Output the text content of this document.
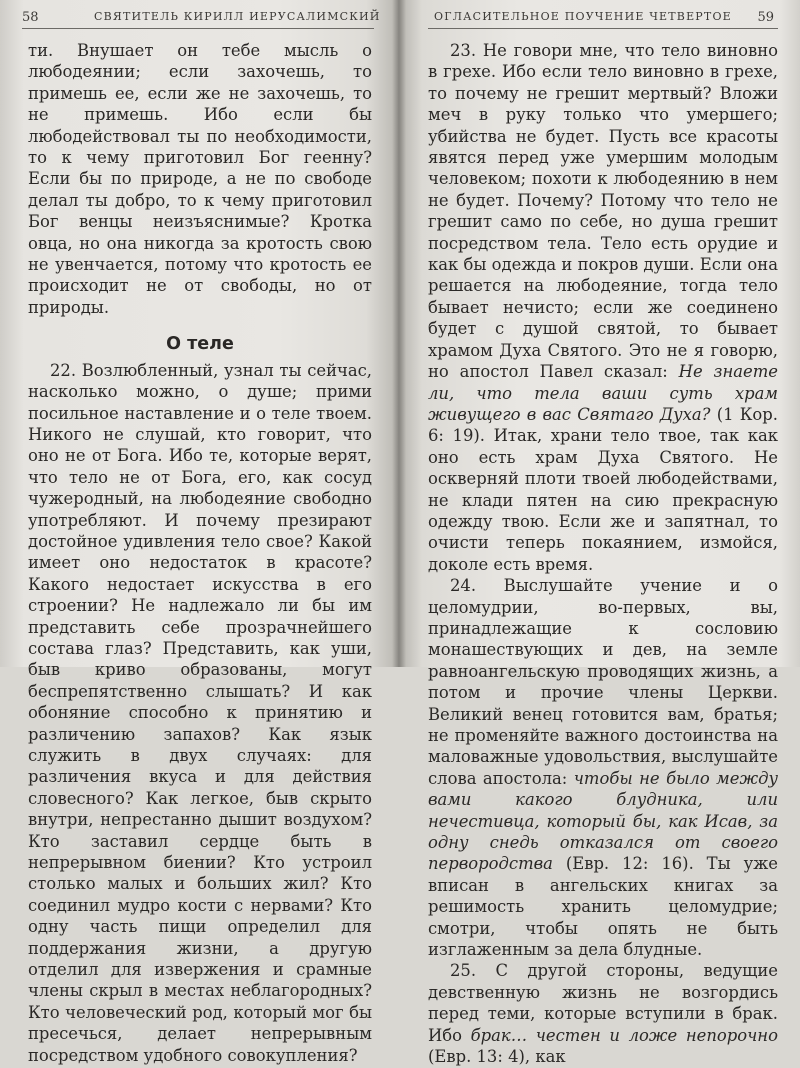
58	СВЯТИТЕЛЬ КИРИЛЛ ИЕРУСАЛИМСКИЙ

ти. Внушает он тебе мысль о любодеянии; если захочешь, то примешь ее, если же не захочешь, то не примешь. Ибо если бы любодействовал ты по необходимости, то к чему приготовил Бог геенну? Если бы по природе, а не по свободе делал ты добро, то к чему приготовил Бог венцы неизъяснимые? Кротка овца, но она никогда за кротость свою не увенчается, потому что кротость ее происходит не от свободы, но от природы.

О теле

22. Возлюбленный, узнал ты сейчас, насколько можно, о душе; прими посильное наставление и о теле твоем. Никого не слушай, кто говорит, что оно не от Бога. Ибо те, которые верят, что тело не от Бога, его, как сосуд чужеродный, на любодеяние свободно употребляют. И почему презирают достойное удивления тело свое? Какой имеет оно недостаток в красоте? Какого недостает искусства в его строении? Не надлежало ли бы им представить себе прозрачнейшего состава глаз? Представить, как уши, быв криво образованы, могут беспрепятственно слышать? И как обоняние способно к принятию и различению запахов? Как язык служить в двух случаях: для различения вкуса и для действия словесного? Как легкое, быв скрыто внутри, непрестанно дышит воздухом? Кто заставил сердце быть в непрерывном биении? Кто устроил столько малых и больших жил? Кто соединил мудро кости с нервами? Кто одну часть пищи определил для поддержания жизни, а другую отделил для извержения и срамные члены скрыл в местах неблагородных? Кто человеческий род, который мог бы пресечься, делает непрерывным посредством удобного совокупления?

ОГЛАСИТЕЛЬНОЕ ПОУЧЕНИЕ ЧЕТВЕРТОЕ 59

23. Не говори мне, что тело виновно в грехе. Ибо если тело виновно в грехе, то почему не грешит мертвый? Вложи меч в руку только что умершего; убийства не будет. Пусть все красоты явятся перед уже умершим молодым человеком; похоти к любодеянию в нем не будет. Почему? Потому что тело не грешит само по себе, но душа грешит посредством тела. Тело есть орудие и как бы одежда и покров души. Если она решается на любодеяние, тогда тело бывает нечисто; если же соединено будет с душой святой, то бывает храмом Духа Святого. Это не я говорю, но апостол Павел сказал: Не знаете ли, что тела ваши суть храм живущего в вас Святаго Духа? (1 Кор. 6: 19). Итак, храни тело твое, так как оно есть храм Духа Святого. Не оскверняй плоти твоей любодействами, не клади пятен на сию прекрасную одежду твою. Если же и запятнал, то очисти теперь покаянием, измойся, доколе есть время.

24. Выслушайте учение и о целомудрии, во-первых, вы, принадлежащие к сословию монашествующих и дев, на земле равноангельскую проводящих жизнь, а потом и прочие члены Церкви. Великий венец готовится вам, братья; не променяйте важного достоинства на маловажные удовольствия, выслушайте слова апостола: чтобы не было между вами какого блудника, или нечестивца, который бы, как Исав, за одну снедь отказался от своего первородства (Евр. 12: 16). Ты уже вписан в ангельских книгах за решимость хранить целомудрие; смотри, чтобы опять не быть изглаженным за дела блудные.

25. С другой стороны, ведущие девственную жизнь не возгордись перед теми, которые вступили в брак. Ибо брак… честен и ложе непорочно (Евр. 13: 4), как
